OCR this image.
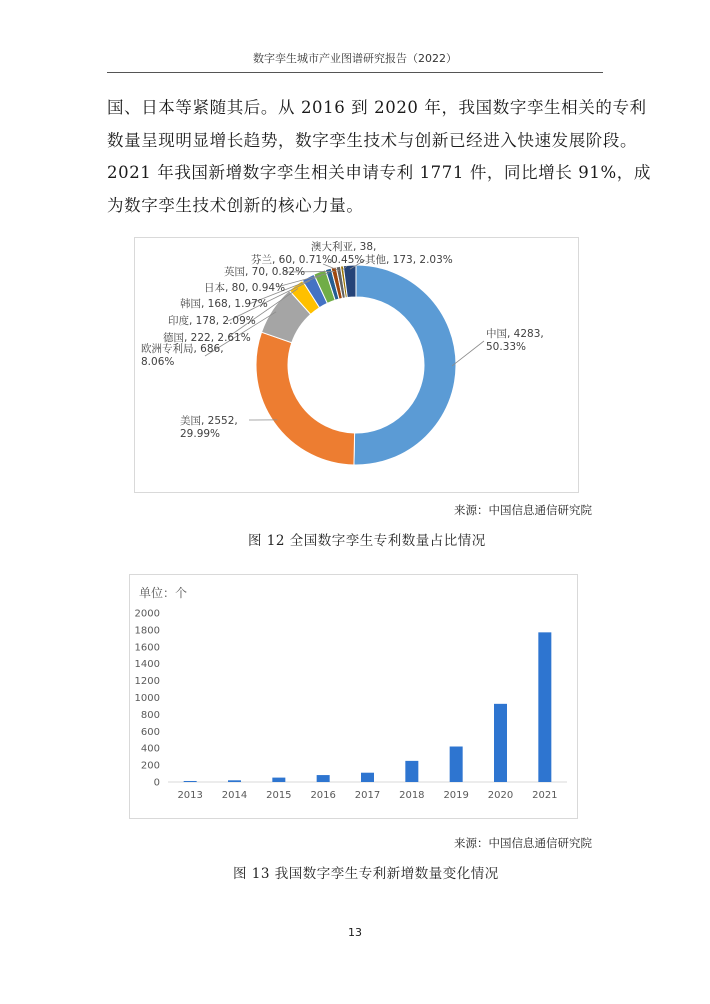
数字孪生城市产业图谱研究报告（2022）

国、日本等紧随其后。从 2016 到 2020 年，我国数字孪生相关的专利

数量呈现明显增长趋势，数字孪生技术与创新已经进入快速发展阶段。

2021 年我国新增数字孪生相关申请专利 1771 件，同比增长 91%，成

为数字孪生技术创新的核心力量。

中国, 4283,
50.33%
美国, 2552,
29.99%
欧洲专利局, 686,
8.06%
德国, 222, 2.61%
印度, 178, 2.09%
韩国, 168, 1.97%
日本, 80, 0.94%
英国, 70, 0.82%
芬兰, 60, 0.71%
澳大利亚, 38,
0.45% 其他, 173, 2.03%
来源：中国信息通信研究院
图 12 全国数字孪生专利数量占比情况
单位：个
0
200
400
600
800
1000
1200
1400
1600
1800
2000
2013 2014 2015 2016 2017 2018 2019 2020 2021
来源：中国信息通信研究院
图 13 我国数字孪生专利新增数量变化情况
13
